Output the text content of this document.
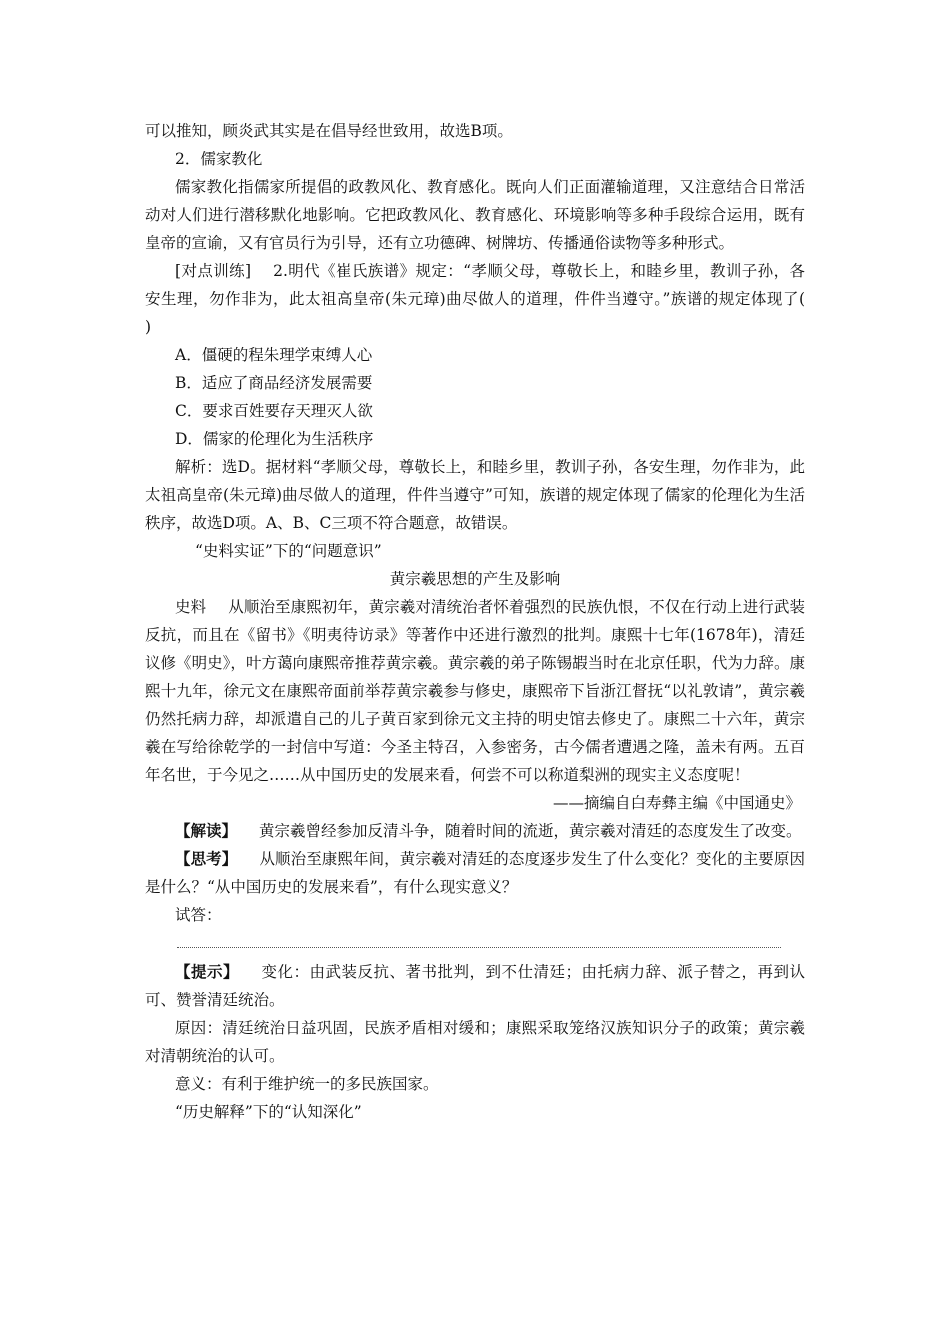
可以推知，顾炎武其实是在倡导经世致用，故选B项。

2．儒家教化

儒家教化指儒家所提倡的政教风化、教育感化。既向人们正面灌输道理，又注意结合日常活动对人们进行潜移默化地影响。它把政教风化、教育感化、环境影响等多种手段综合运用，既有皇帝的宣谕，又有官员行为引导，还有立功德碑、树牌坊、传播通俗读物等多种形式。

[对点训练] 2.明代《崔氏族谱》规定：“孝顺父母，尊敬长上，和睦乡里，教训子孙，各安生理，勿作非为，此太祖高皇帝(朱元璋)曲尽做人的道理，件件当遵守。”族谱的规定体现了(　　)

A．僵硬的程朱理学束缚人心

B．适应了商品经济发展需要

C．要求百姓要存天理灭人欲

D．儒家的伦理化为生活秩序

解析：选D。据材料“孝顺父母，尊敬长上，和睦乡里，教训子孙，各安生理，勿作非为，此太祖高皇帝(朱元璋)曲尽做人的道理，件件当遵守”可知，族谱的规定体现了儒家的伦理化为生活秩序，故选D项。A、B、C三项不符合题意，故错误。

“史料实证”下的“问题意识”

黄宗羲思想的产生及影响

史料 从顺治至康熙初年，黄宗羲对清统治者怀着强烈的民族仇恨，不仅在行动上进行武装反抗，而且在《留书》《明夷待访录》等著作中还进行激烈的批判。康熙十七年(1678年)，清廷议修《明史》，叶方蔼向康熙帝推荐黄宗羲。黄宗羲的弟子陈锡嘏当时在北京任职，代为力辞。康熙十九年，徐元文在康熙帝面前举荐黄宗羲参与修史，康熙帝下旨浙江督抚“以礼敦请”，黄宗羲仍然托病力辞，却派遣自己的儿子黄百家到徐元文主持的明史馆去修史了。康熙二十六年，黄宗羲在写给徐乾学的一封信中写道：今圣主特召，入参密务，古今儒者遭遇之隆，盖未有两。五百年名世，于今见之……从中国历史的发展来看，何尝不可以称道梨洲的现实主义态度呢！

——摘编自白寿彝主编《中国通史》

【解读】 黄宗羲曾经参加反清斗争，随着时间的流逝，黄宗羲对清廷的态度发生了改变。

【思考】 从顺治至康熙年间，黄宗羲对清廷的态度逐步发生了什么变化？变化的主要原因是什么？“从中国历史的发展来看”，有什么现实意义？

试答：

【提示】 变化：由武装反抗、著书批判，到不仕清廷；由托病力辞、派子替之，再到认可、赞誉清廷统治。

原因：清廷统治日益巩固，民族矛盾相对缓和；康熙采取笼络汉族知识分子的政策；黄宗羲对清朝统治的认可。

意义：有利于维护统一的多民族国家。

“历史解释”下的“认知深化”
